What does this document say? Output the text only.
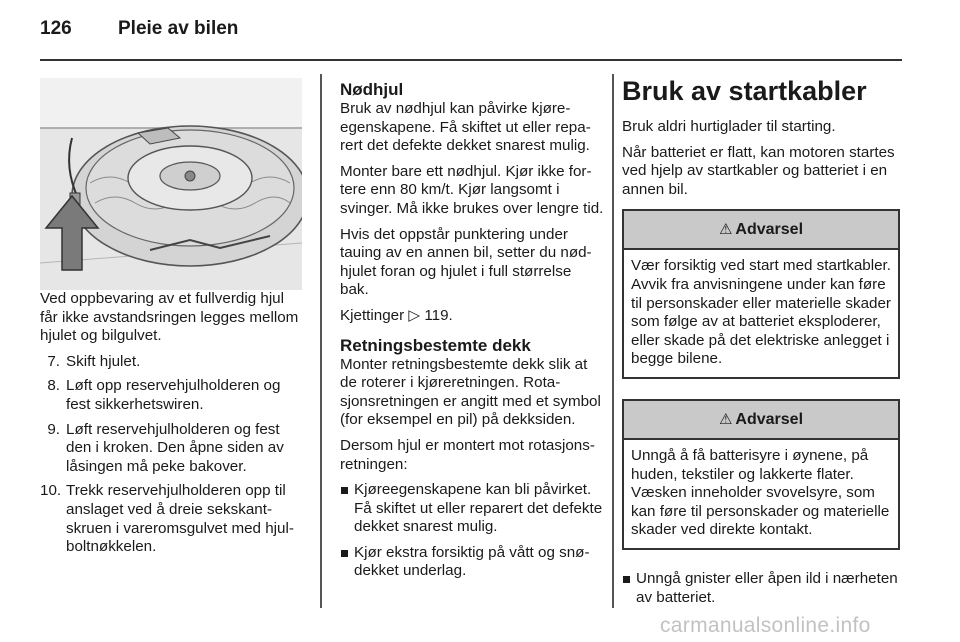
126 Pleie av bilen

Ved oppbevaring av et fullverdig hjul får ikke avstandsringen legges mellom hjulet og bilgulvet.

7. Skift hjulet.
8. Løft opp reservehjulholderen og fest sikkerhetswiren.
9. Løft reservehjulholderen og fest den i kroken. Den åpne siden av låsingen må peke bakover.
10. Trekk reservehjulholderen opp til anslaget ved å dreie sekskantskruen i vareromsgulvet med hjulboltnøkkelen.
Nødhjul

Bruk av nødhjul kan påvirke kjøreegenskapene. Få skiftet ut eller reparert det defekte dekket snarest mulig.

Monter bare ett nødhjul. Kjør ikke fortere enn 80 km/t. Kjør langsomt i svinger. Må ikke brukes over lengre tid.

Hvis det oppstår punktering under tauing av en annen bil, setter du nødhjulet foran og hjulet i full størrelse bak.

Kjettinger ▷ 119.

Retningsbestemte dekk

Monter retningsbestemte dekk slik at de roterer i kjøreretningen. Rotasjonsretningen er angitt med et symbol (for eksempel en pil) på dekksiden.

Dersom hjul er montert mot rotasjonsretningen:

Kjøreegenskapene kan bli påvirket. Få skiftet ut eller reparert det defekte dekket snarest mulig.
Kjør ekstra forsiktig på vått og snødekket underlag.
Bruk av startkabler

Bruk aldri hurtiglader til starting.

Når batteriet er flatt, kan motoren startes ved hjelp av startkabler og batteriet i en annen bil.

⚠ Advarsel
Vær forsiktig ved start med startkabler. Avvik fra anvisningene under kan føre til personskader eller materielle skader som følge av at batteriet eksploderer, eller skade på det elektriske anlegget i begge bilene.
⚠ Advarsel
Unngå å få batterisyre i øynene, på huden, tekstiler og lakkerte flater. Væsken inneholder svovelsyre, som kan føre til personskader og materielle skader ved direkte kontakt.
Unngå gnister eller åpen ild i nærheten av batteriet.
carmanualsonline.info
